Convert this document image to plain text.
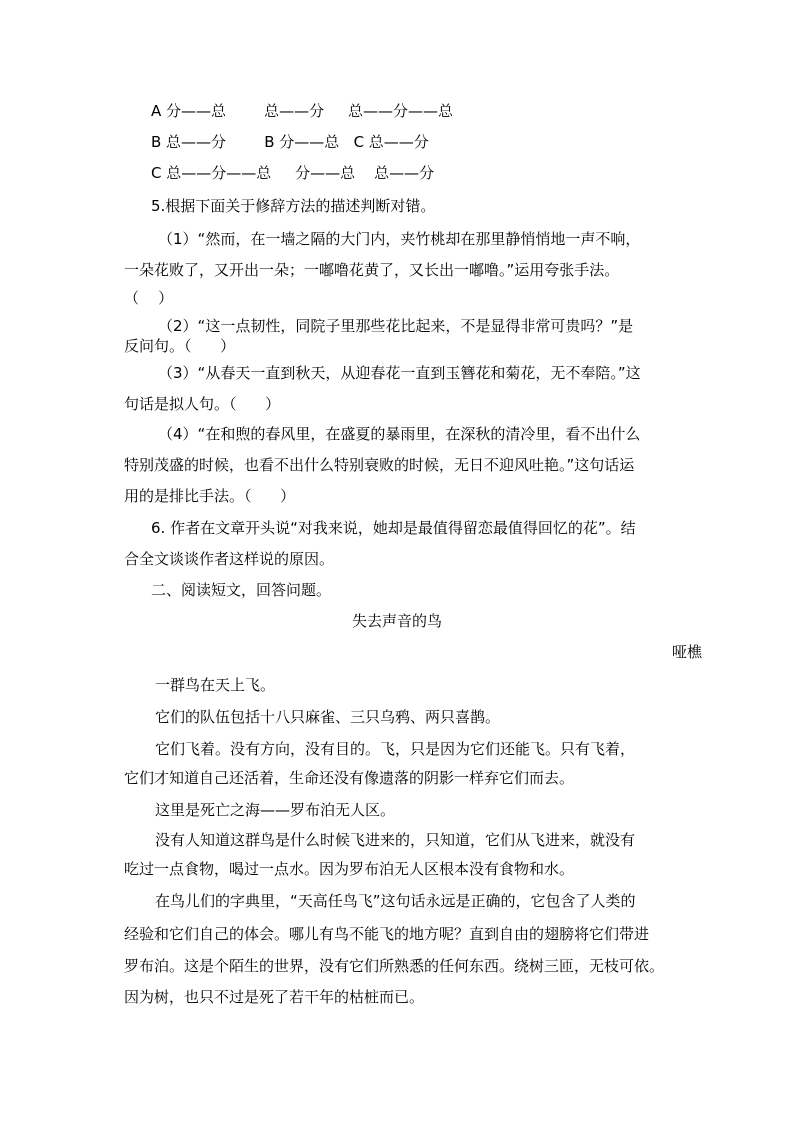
A 分——总        总——分     总——分——总
B 总——分        B 分——总   C 总——分
C 总——分——总     分——总    总——分
5.根据下面关于修辞方法的描述判断对错。
（1）“然而，在一墙之隔的大门内，夹竹桃却在那里静悄悄地一声不响，
一朵花败了，又开出一朵；一嘟噜花黄了，又长出一嘟噜。”运用夸张手法。
（    ）
（2）“这一点韧性，同院子里那些花比起来，不是显得非常可贵吗？”是
反问句。（      ）
（3）“从春天一直到秋天，从迎春花一直到玉簪花和菊花，无不奉陪。”这
句话是拟人句。（      ）
（4）“在和煦的春风里，在盛夏的暴雨里，在深秋的清冷里，看不出什么
特别茂盛的时候，也看不出什么特别衰败的时候，无日不迎风吐艳。”这句话运
用的是排比手法。（      ）
6. 作者在文章开头说“对我来说，她却是最值得留恋最值得回忆的花”。结
合全文谈谈作者这样说的原因。
二、阅读短文，回答问题。
失去声音的鸟
哑樵
一群鸟在天上飞。
它们的队伍包括十八只麻雀、三只乌鸦、两只喜鹊。
它们飞着。没有方向，没有目的。飞，只是因为它们还能飞。只有飞着，
它们才知道自己还活着，生命还没有像遗落的阴影一样弃它们而去。
这里是死亡之海——罗布泊无人区。
没有人知道这群鸟是什么时候飞进来的，只知道，它们从飞进来，就没有
吃过一点食物，喝过一点水。因为罗布泊无人区根本没有食物和水。
在鸟儿们的字典里，“天高任鸟飞”这句话永远是正确的，它包含了人类的
经验和它们自己的体会。哪儿有鸟不能飞的地方呢？直到自由的翅膀将它们带进
罗布泊。这是个陌生的世界，没有它们所熟悉的任何东西。绕树三匝，无枝可依。
因为树，也只不过是死了若干年的枯桩而已。
